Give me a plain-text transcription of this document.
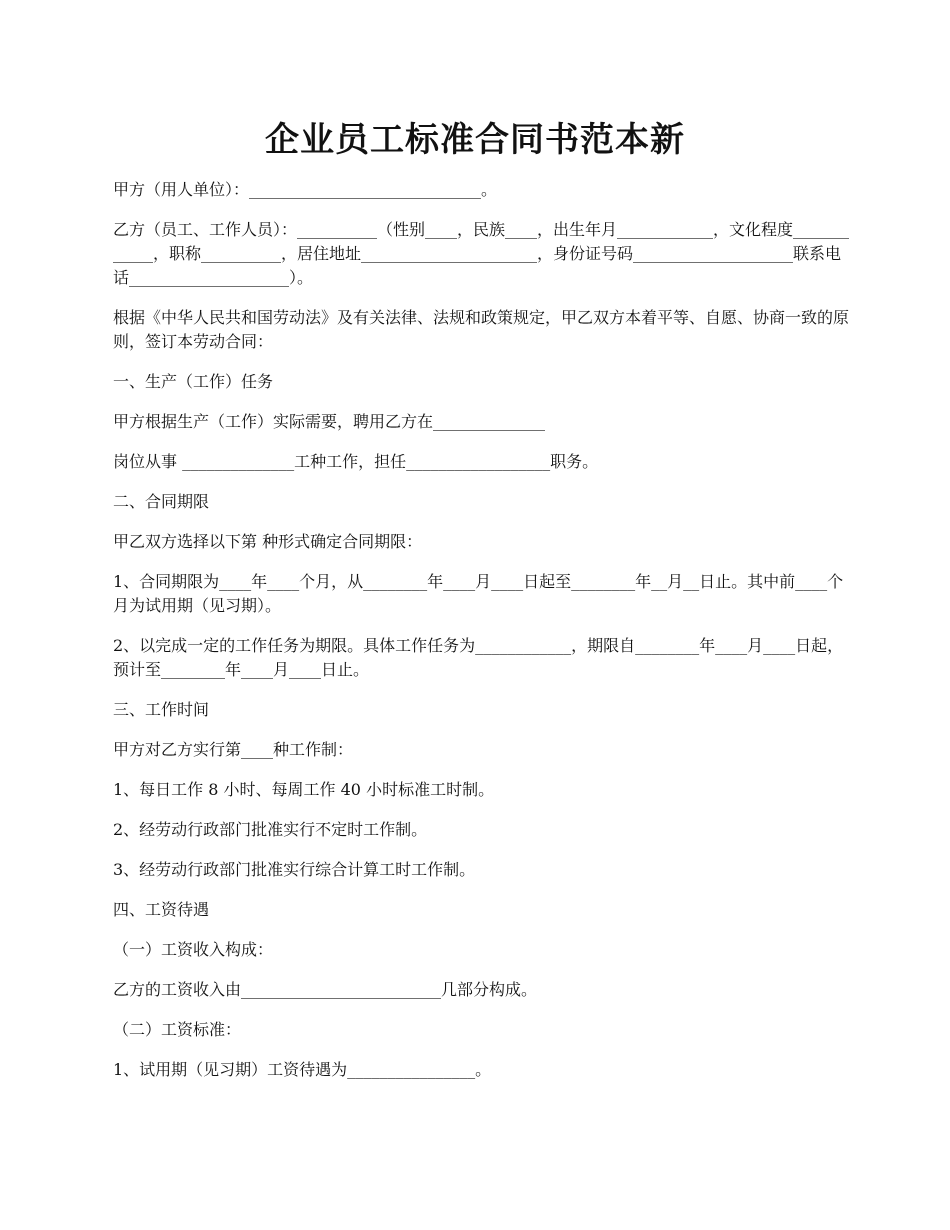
企业员工标准合同书范本新

甲方（用人单位）：_____________________________。

乙方（员工、工作人员）：__________（性别____，民族____，出生年月____________，文化程度____________，职称__________，居住地址______________________，身份证号码____________________联系电话____________________）。

根据《中华人民共和国劳动法》及有关法律、法规和政策规定，甲乙双方本着平等、自愿、协商一致的原则，签订本劳动合同：

一、生产（工作）任务

甲方根据生产（工作）实际需要，聘用乙方在______________

岗位从事 ______________工种工作，担任__________________职务。

二、合同期限

甲乙双方选择以下第 种形式确定合同期限：

1、合同期限为____年____个月，从________年____月____日起至________年__月__日止。其中前____个月为试用期（见习期）。

2、以完成一定的工作任务为期限。具体工作任务为____________，期限自________年____月____日起，预计至________年____月____日止。

三、工作时间

甲方对乙方实行第____种工作制：

1、每日工作 8 小时、每周工作 40 小时标准工时制。

2、经劳动行政部门批准实行不定时工作制。

3、经劳动行政部门批准实行综合计算工时工作制。

四、工资待遇

（一）工资收入构成：

乙方的工资收入由_________________________几部分构成。

（二）工资标准：

1、试用期（见习期）工资待遇为________________。
